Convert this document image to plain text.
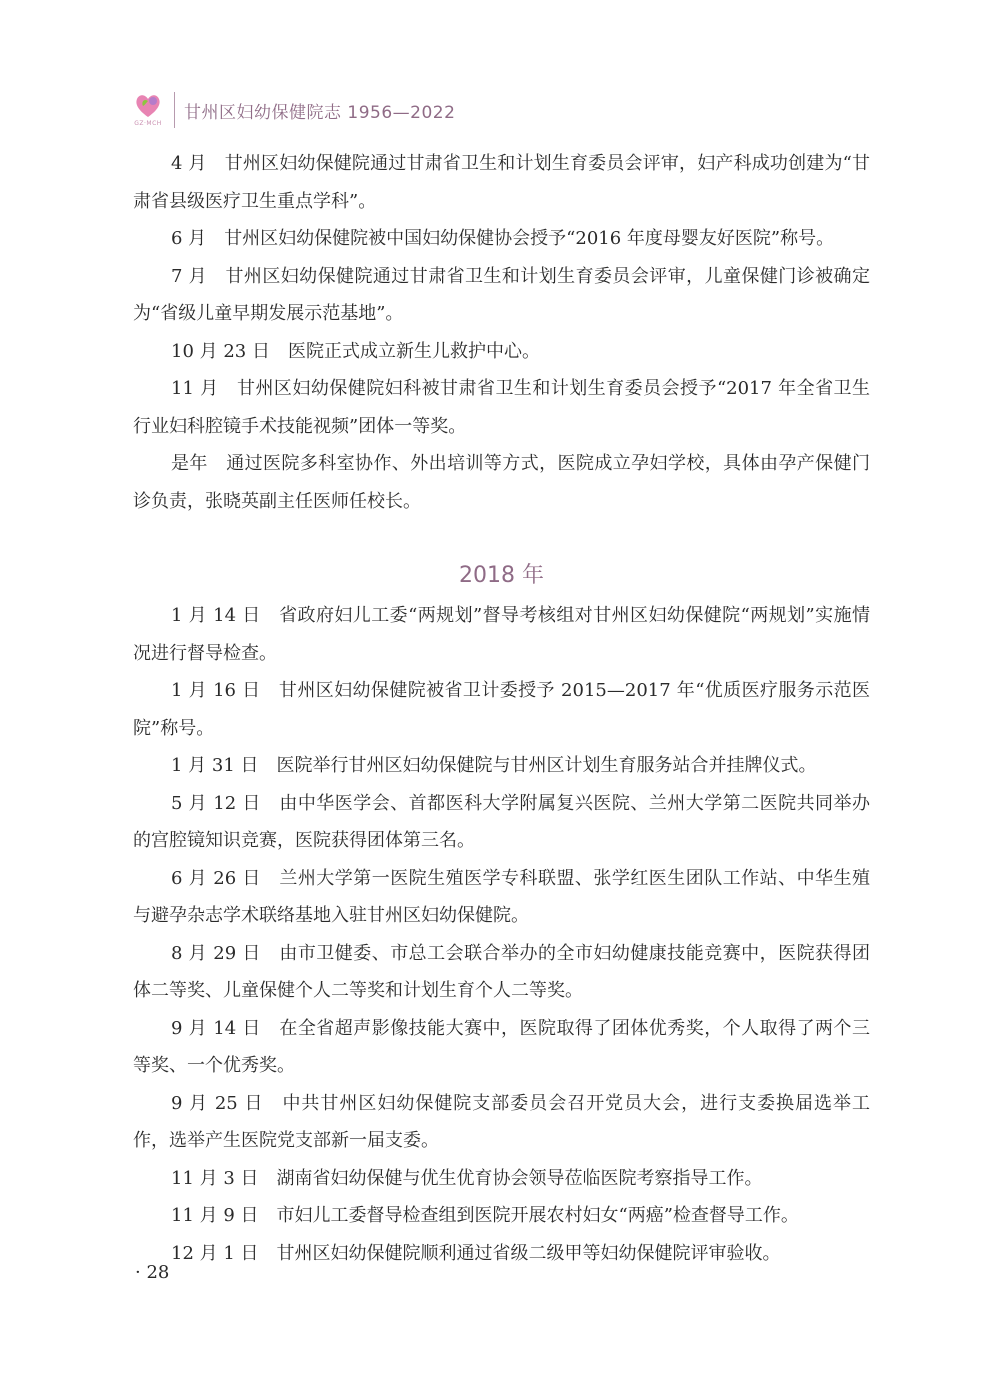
GZ·MCH
甘州区妇幼保健院志 1956—2022

4 月 甘州区妇幼保健院通过甘肃省卫生和计划生育委员会评审，妇产科成功创建为“甘肃省县级医疗卫生重点学科”。

6 月 甘州区妇幼保健院被中国妇幼保健协会授予“2016 年度母婴友好医院”称号。

7 月 甘州区妇幼保健院通过甘肃省卫生和计划生育委员会评审，儿童保健门诊被确定为“省级儿童早期发展示范基地”。

10 月 23 日 医院正式成立新生儿救护中心。

11 月 甘州区妇幼保健院妇科被甘肃省卫生和计划生育委员会授予“2017 年全省卫生行业妇科腔镜手术技能视频”团体一等奖。

是年 通过医院多科室协作、外出培训等方式，医院成立孕妇学校，具体由孕产保健门诊负责，张晓英副主任医师任校长。

2018 年

1 月 14 日 省政府妇儿工委“两规划”督导考核组对甘州区妇幼保健院“两规划”实施情况进行督导检查。

1 月 16 日 甘州区妇幼保健院被省卫计委授予 2015—2017 年“优质医疗服务示范医院”称号。

1 月 31 日 医院举行甘州区妇幼保健院与甘州区计划生育服务站合并挂牌仪式。

5 月 12 日 由中华医学会、首都医科大学附属复兴医院、兰州大学第二医院共同举办的宫腔镜知识竞赛，医院获得团体第三名。

6 月 26 日 兰州大学第一医院生殖医学专科联盟、张学红医生团队工作站、中华生殖与避孕杂志学术联络基地入驻甘州区妇幼保健院。

8 月 29 日 由市卫健委、市总工会联合举办的全市妇幼健康技能竞赛中，医院获得团体二等奖、儿童保健个人二等奖和计划生育个人二等奖。

9 月 14 日 在全省超声影像技能大赛中，医院取得了团体优秀奖，个人取得了两个三等奖、一个优秀奖。

9 月 25 日 中共甘州区妇幼保健院支部委员会召开党员大会，进行支委换届选举工作，选举产生医院党支部新一届支委。

11 月 3 日 湖南省妇幼保健与优生优育协会领导莅临医院考察指导工作。

11 月 9 日 市妇儿工委督导检查组到医院开展农村妇女“两癌”检查督导工作。

12 月 1 日 甘州区妇幼保健院顺利通过省级二级甲等妇幼保健院评审验收。

· 28
